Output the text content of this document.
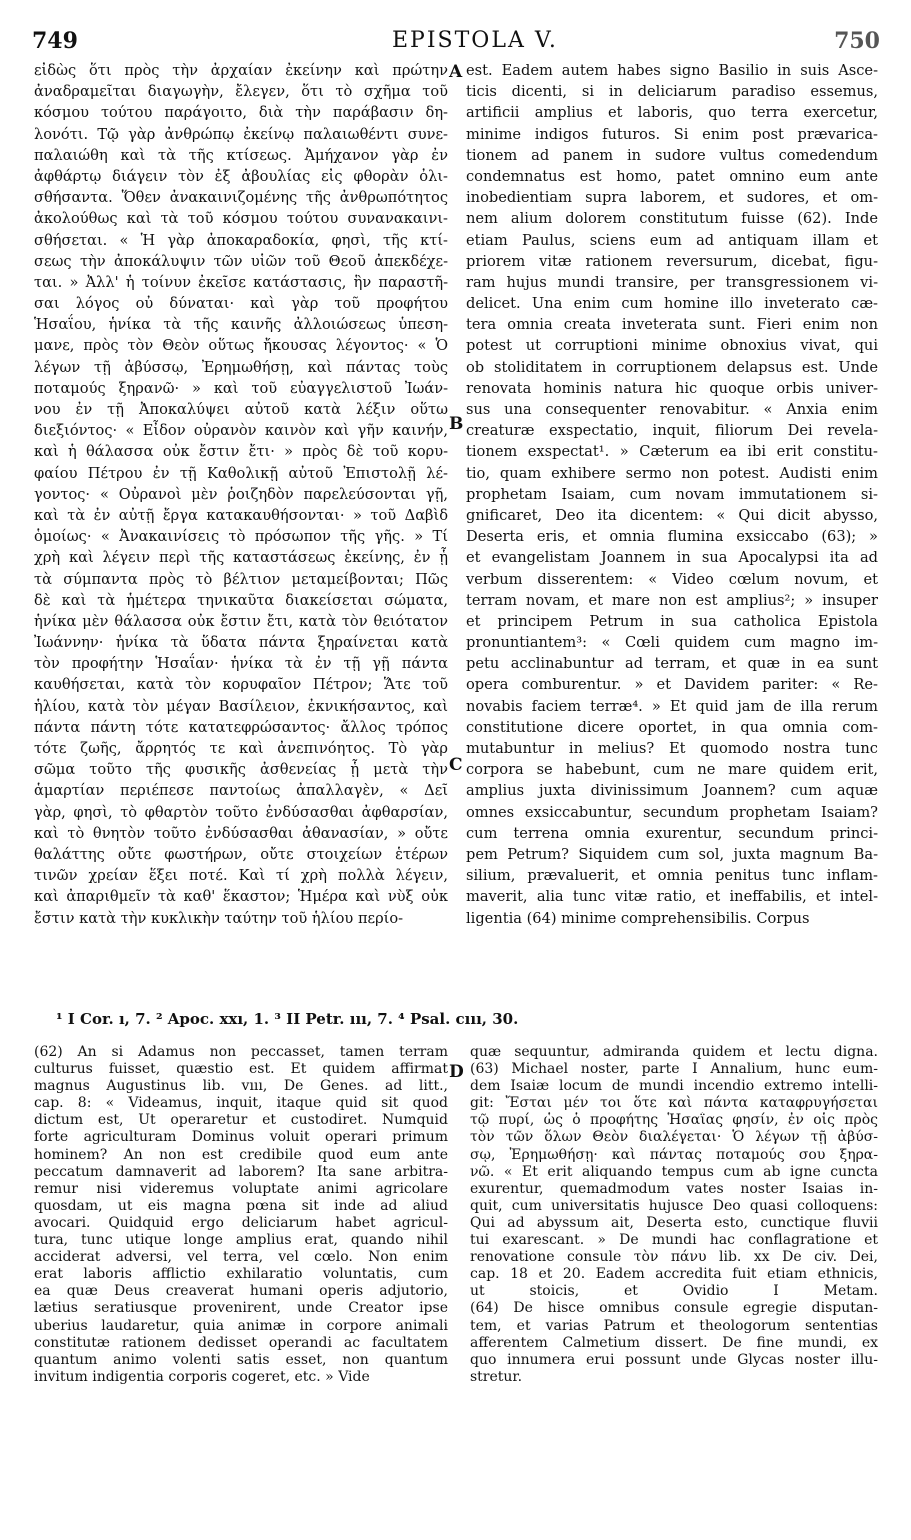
749	EPISTOLA V.	750
εἰδὼς ὅτι πρὸς τὴν ἀρχαίαν ἐκείνην καὶ πρώτην
ἀναδραμεῖται διαγωγὴν, ἔλεγεν, ὅτι τὸ σχῆμα τοῦ
κόσμου τούτου παράγοιτο, διὰ τὴν παράβασιν δη-
λονότι. Τῷ γὰρ ἀνθρώπῳ ἐκείνῳ παλαιωθέντι συνε-
παλαιώθη καὶ τὰ τῆς κτίσεως. Ἀμήχανον γὰρ ἐν
ἀφθάρτῳ διάγειν τὸν ἐξ ἀβουλίας εἰς φθορὰν ὀλι-
σθήσαντα. Ὅθεν ἀνακαινιζομένης τῆς ἀνθρωπότητος
ἀκολούθως καὶ τὰ τοῦ κόσμου τούτου συνανακαινι-
σθήσεται. « Ἡ γὰρ ἀποκαραδοκία, φησὶ, τῆς κτί-
σεως τὴν ἀποκάλυψιν τῶν υἱῶν τοῦ Θεοῦ ἀπεκδέχε-
ται. » Ἀλλ' ἡ τοίνυν ἐκεῖσε κατάστασις, ἣν παραστῆ-
σαι λόγος οὐ δύναται· καὶ γὰρ τοῦ προφήτου
Ἡσαΐου, ἡνίκα τὰ τῆς καινῆς ἀλλοιώσεως ὑπεση-
μανε, πρὸς τὸν Θεὸν οὕτως ἤκουσας λέγοντος· « Ὁ
λέγων τῇ ἀβύσσῳ, Ἐρημωθήσῃ, καὶ πάντας τοὺς
ποταμούς ξηρανῶ· » καὶ τοῦ εὐαγγελιστοῦ Ἰωάν-
νου ἐν τῇ Ἀποκαλύψει αὐτοῦ κατὰ λέξιν οὕτω
διεξιόντος· « Εἶδον οὐρανὸν καινὸν καὶ γῆν καινήν,
καὶ ἡ θάλασσα οὐκ ἔστιν ἔτι· » πρὸς δὲ τοῦ κορυ-
φαίου Πέτρου ἐν τῇ Καθολικῇ αὐτοῦ Ἐπιστολῇ λέ-
γοντος· « Οὐρανοὶ μὲν ῥοιζηδὸν παρελεύσονται γῇ,
καὶ τὰ ἐν αὐτῇ ἔργα κατακαυθήσονται· » τοῦ Δαβὶδ
ὁμοίως· « Ἀνακαινίσεις τὸ πρόσωπον τῆς γῆς. » Τί
χρὴ καὶ λέγειν περὶ τῆς καταστάσεως ἐκείνης, ἐν ᾗ
τὰ σύμπαντα πρὸς τὸ βέλτιον μεταμείβονται; Πῶς
δὲ καὶ τὰ ἡμέτερα τηνικαῦτα διακείσεται σώματα,
ἡνίκα μὲν θάλασσα οὐκ ἔστιν ἔτι, κατὰ τὸν θειότατον
Ἰωάννην· ἡνίκα τὰ ὕδατα πάντα ξηραίνεται κατὰ
τὸν προφήτην Ἡσαΐαν· ἡνίκα τὰ ἐν τῇ γῇ πάντα
καυθήσεται, κατὰ τὸν κορυφαῖον Πέτρον; Ἅτε τοῦ
ἡλίου, κατὰ τὸν μέγαν Βασίλειον, ἐκνικήσαντος, καὶ
πάντα πάντη τότε κατατεφρώσαντος· ἄλλος τρόπος
τότε ζωῆς, ἄρρητός τε καὶ ἀνεπινόητος. Τὸ γὰρ
σῶμα τοῦτο τῆς φυσικῆς ἀσθενείας ᾗ μετὰ τὴν
ἁμαρτίαν περιέπεσε παντοίως ἀπαλλαγὲν, « Δεῖ
γὰρ, φησὶ, τὸ φθαρτὸν τοῦτο ἐνδύσασθαι ἀφθαρσίαν,
καὶ τὸ θνητὸν τοῦτο ἐνδύσασθαι ἀθανασίαν, » οὔτε
θαλάττης οὔτε φωστήρων, οὔτε στοιχείων ἑτέρων
τινῶν χρείαν ἕξει ποτέ. Καὶ τί χρὴ πολλὰ λέγειν,
καὶ ἀπαριθμεῖν τὰ καθ' ἕκαστον; Ἡμέρα καὶ νὺξ οὐκ
ἔστιν κατὰ τὴν κυκλικὴν ταύτην τοῦ ἡλίου περίο-
est. Eadem autem habes signo Basilio in suis Asce-
ticis dicenti, si in deliciarum paradiso essemus,
artificii amplius et laboris, quo terra exercetur,
minime indigos futuros. Si enim post prævarica-
tionem ad panem in sudore vultus comedendum
condemnatus est homo, patet omnino eum ante
inobedientiam supra laborem, et sudores, et om-
nem alium dolorem constitutum fuisse (62). Inde
etiam Paulus, sciens eum ad antiquam illam et
priorem vitæ rationem reversurum, dicebat, figu-
ram hujus mundi transire, per transgressionem vi-
delicet. Una enim cum homine illo inveterato cæ-
tera omnia creata inveterata sunt. Fieri enim non
potest ut corruptioni minime obnoxius vivat, qui
ob stoliditatem in corruptionem delapsus est. Unde
renovata hominis natura hic quoque orbis univer-
sus una consequenter renovabitur. « Anxia enim
creaturæ exspectatio, inquit, filiorum Dei revela-
tionem exspectat¹. » Cæterum ea ibi erit constitu-
tio, quam exhibere sermo non potest. Audisti enim
prophetam Isaiam, cum novam immutationem si-
gnificaret, Deo ita dicentem: « Qui dicit abysso,
Deserta eris, et omnia flumina exsiccabo (63); »
et evangelistam Joannem in sua Apocalypsi ita ad
verbum disserentem: « Video cœlum novum, et
terram novam, et mare non est amplius²; » insuper
et principem Petrum in sua catholica Epistola
pronuntiantem³: « Cœli quidem cum magno im-
petu acclinabuntur ad terram, et quæ in ea sunt
opera comburentur. » et Davidem pariter: « Re-
novabis faciem terræ⁴. » Et quid jam de illa rerum
constitutione dicere oportet, in qua omnia com-
mutabuntur in melius? Et quomodo nostra tunc
corpora se habebunt, cum ne mare quidem erit,
amplius juxta divinissimum Joannem? cum aquæ
omnes exsiccabuntur, secundum prophetam Isaiam?
cum terrena omnia exurentur, secundum princi-
pem Petrum? Siquidem cum sol, juxta magnum Ba-
silium, prævaluerit, et omnia penitus tunc inflam-
maverit, alia tunc vitæ ratio, et ineffabilis, et intel-
ligentia (64) minime comprehensibilis. Corpus
A
B
C
D
¹ I Cor. ı, 7. ² Apoc. xxı, 1. ³ II Petr. ııı, 7. ⁴ Psal. cııı, 30.
(62) An si Adamus non peccasset, tamen terram
culturus fuisset, quæstio est. Et quidem affirmat
magnus Augustinus lib. vııı, De Genes. ad litt.,
cap. 8: « Videamus, inquit, itaque quid sit quod
dictum est, Ut operaretur et custodiret. Numquid
forte agriculturam Dominus voluit operari primum
hominem? An non est credibile quod eum ante
peccatum damnaverit ad laborem? Ita sane arbitra-
remur nisi videremus voluptate animi agricolare
quosdam, ut eis magna pœna sit inde ad aliud
avocari. Quidquid ergo deliciarum habet agricul-
tura, tunc utique longe amplius erat, quando nihil
acciderat adversi, vel terra, vel cœlo. Non enim
erat laboris afflictio exhilaratio voluntatis, cum
ea quæ Deus creaverat humani operis adjutorio,
lætius seratiusque provenirent, unde Creator ipse
uberius laudaretur, quia animæ in corpore animali
constitutæ rationem dedisset operandi ac facultatem
quantum animo volenti satis esset, non quantum
invitum indigentia corporis cogeret, etc. » Vide
quæ sequuntur, admiranda quidem et lectu digna.
(63) Michael noster, parte I Annalium, hunc eum-
dem Isaiæ locum de mundi incendio extremo intelli-
git: Ἔσται μέν τοι ὅτε καὶ πάντα καταφρυγήσεται
τῷ πυρί, ὡς ὁ προφήτης Ἡσαΐας φησίν, ἐν οἷς πρὸς
τὸν τῶν ὅλων Θεὸν διαλέγεται· Ὁ λέγων τῇ ἀβύσ-
σῳ, Ἐρημωθήσῃ· καὶ πάντας ποταμούς σου ξηρα-
νῶ. « Et erit aliquando tempus cum ab igne cuncta
exurentur, quemadmodum vates noster Isaias in-
quit, cum universitatis hujusce Deo quasi colloquens:
Qui ad abyssum ait, Deserta esto, cunctique fluvii
tui exarescant. » De mundi hac conflagratione et
renovatione consule τὸν πάνυ lib. xx De civ. Dei,
cap. 18 et 20. Eadem accredita fuit etiam ethnicis,
ut stoicis, et Ovidio I Metam.
(64) De hisce omnibus consule egregie disputan-
tem, et varias Patrum et theologorum sententias
afferentem Calmetium dissert. De fine mundi, ex
quo innumera erui possunt unde Glycas noster illu-
stretur.
